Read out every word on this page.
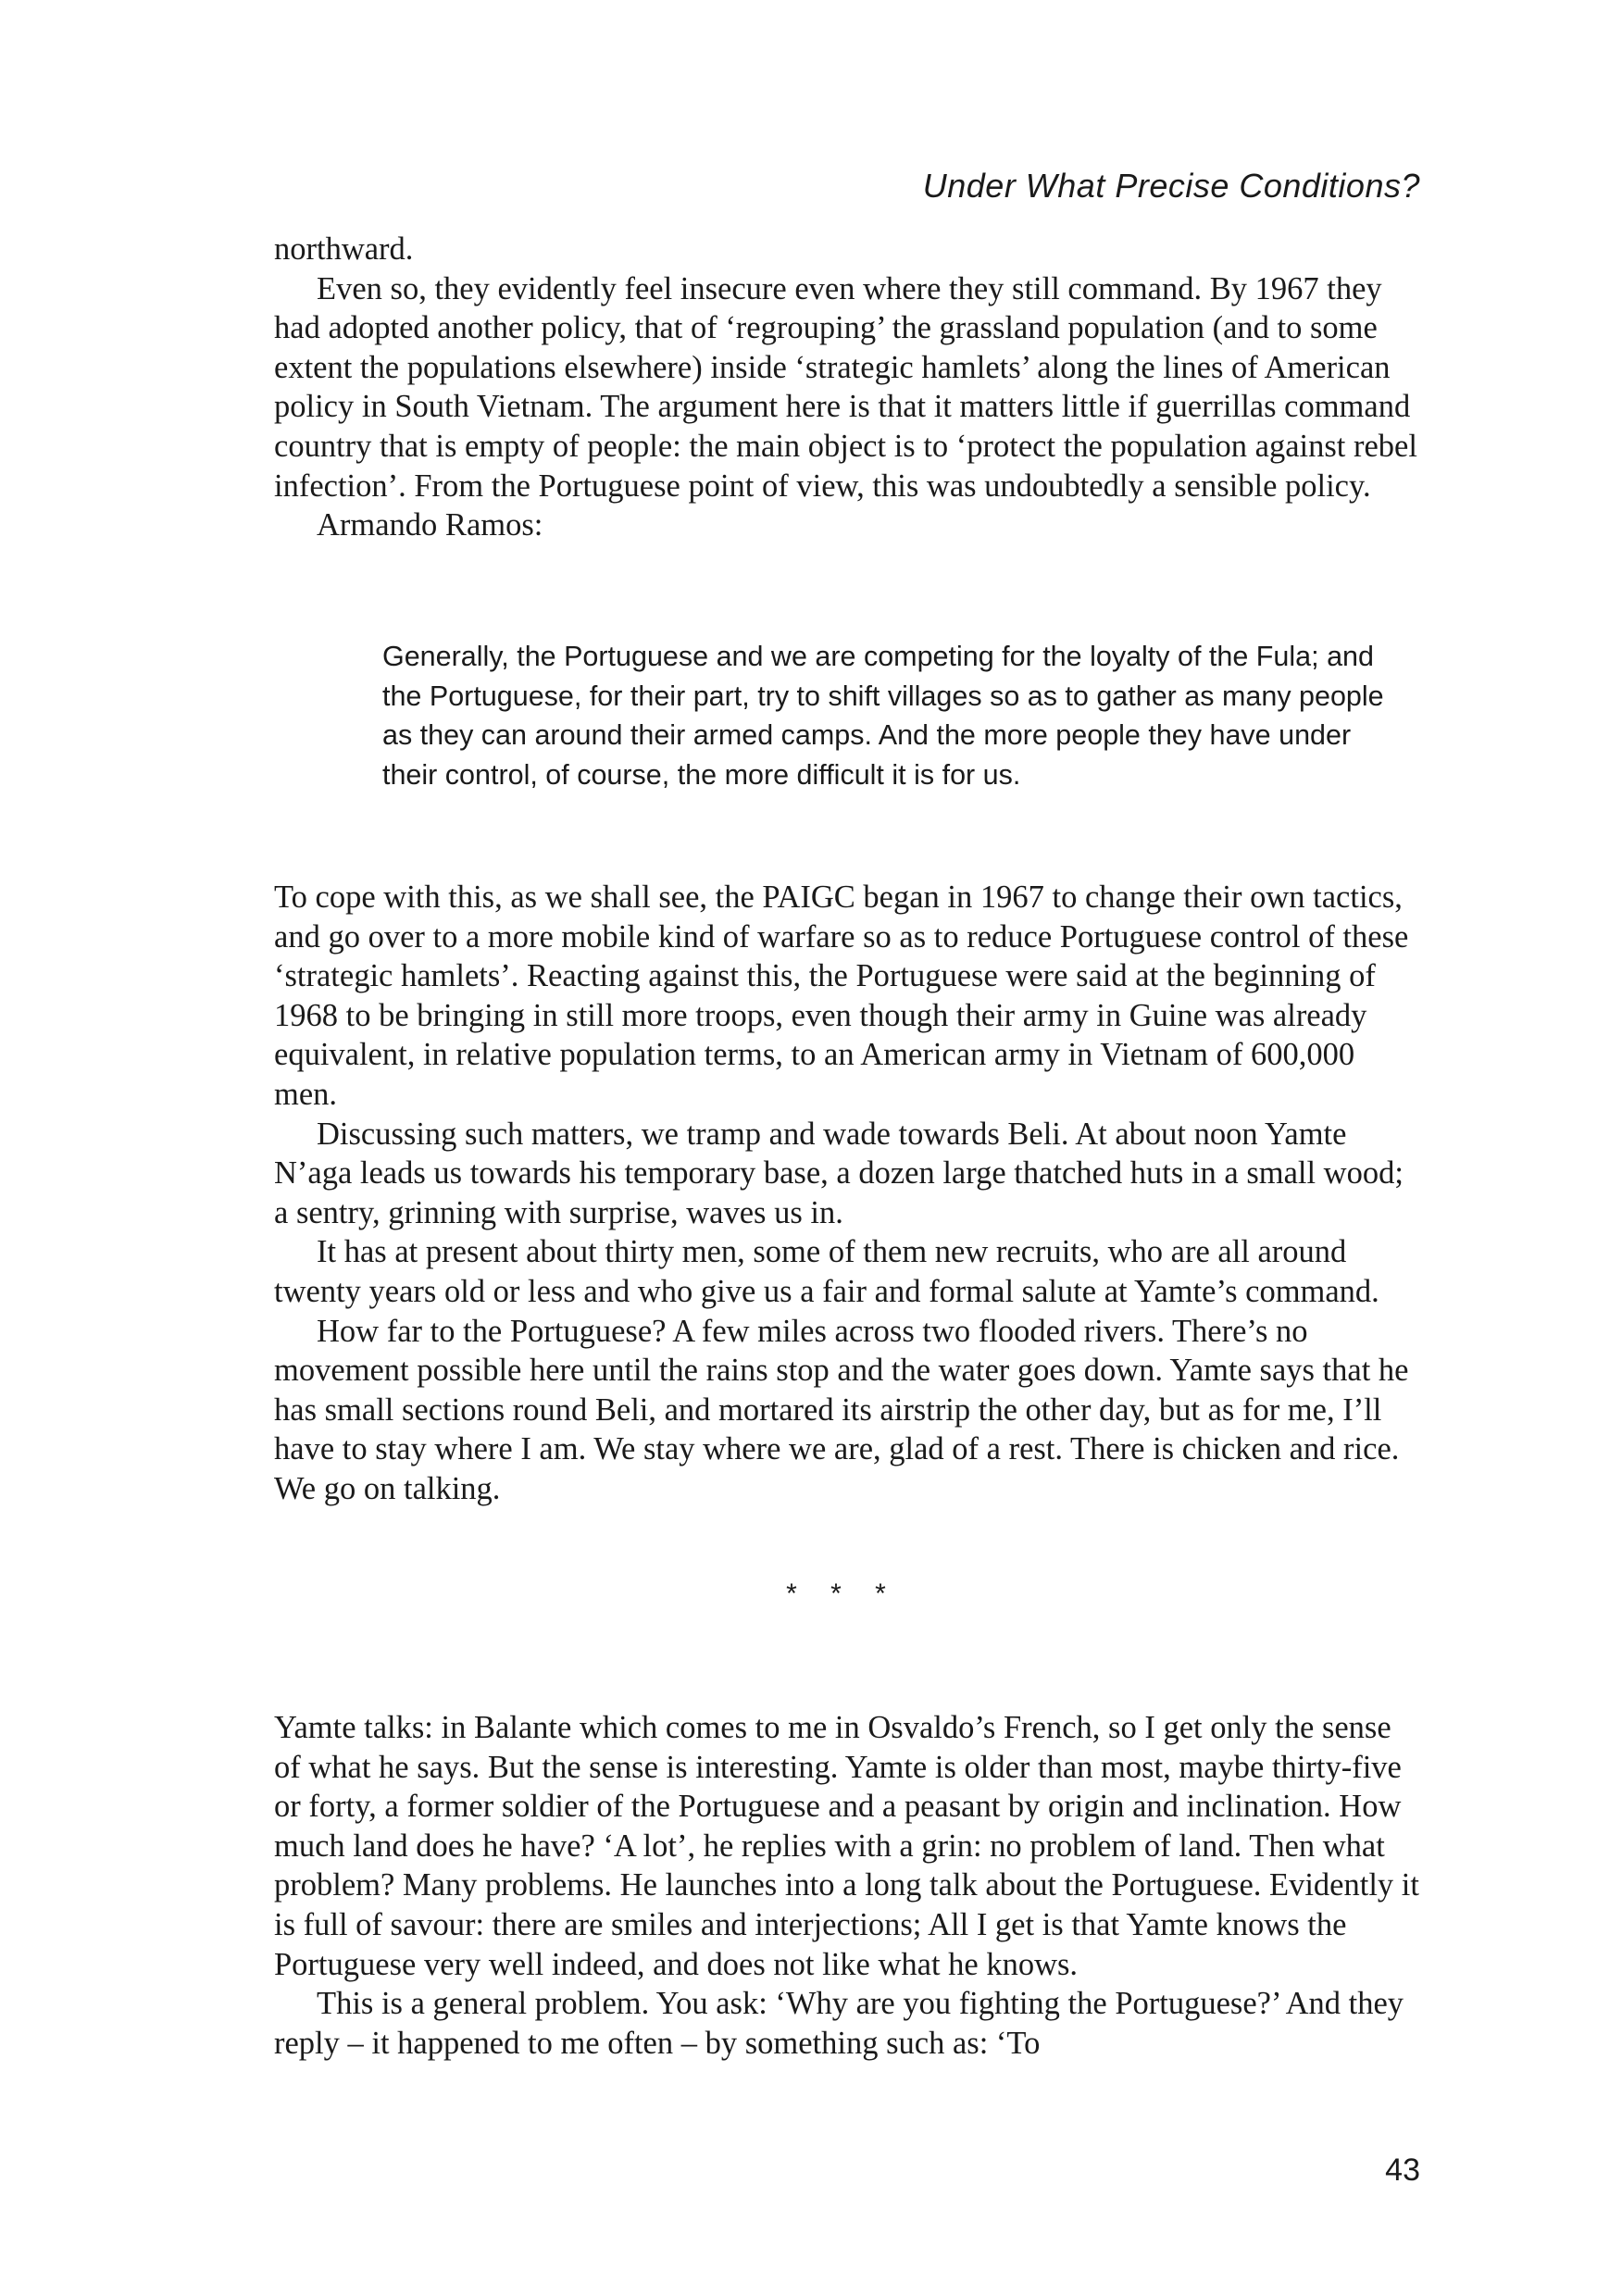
Under What Precise Conditions?

northward.

Even so, they evidently feel insecure even where they still command. By 1967 they had adopted another policy, that of ‘regrouping’ the grassland population (and to some extent the populations elsewhere) inside ‘strategic hamlets’ along the lines of American policy in South Vietnam. The argument here is that it matters little if guerrillas command country that is empty of people: the main object is to ‘protect the population against rebel infection’. From the Portuguese point of view, this was undoubtedly a sensible policy.

Armando Ramos:

Generally, the Portuguese and we are competing for the loyalty of the Fula; and the Portuguese, for their part, try to shift villages so as to gather as many people as they can around their armed camps. And the more people they have under their control, of course, the more difficult it is for us.

To cope with this, as we shall see, the PAIGC began in 1967 to change their own tactics, and go over to a more mobile kind of warfare so as to reduce Portuguese control of these ‘strategic hamlets’. Reacting against this, the Portuguese were said at the beginning of 1968 to be bringing in still more troops, even though their army in Guine was already equivalent, in relative population terms, to an American army in Vietnam of 600,000 men.

Discussing such matters, we tramp and wade towards Beli. At about noon Yamte N’aga leads us towards his temporary base, a dozen large thatched huts in a small wood; a sentry, grinning with surprise, waves us in.

It has at present about thirty men, some of them new recruits, who are all around twenty years old or less and who give us a fair and formal salute at Yamte’s command.

How far to the Portuguese? A few miles across two flooded rivers. There’s no movement possible here until the rains stop and the water goes down. Yamte says that he has small sections round Beli, and mortared its airstrip the other day, but as for me, I’ll have to stay where I am. We stay where we are, glad of a rest. There is chicken and rice. We go on talking.

* * *

Yamte talks: in Balante which comes to me in Osvaldo’s French, so I get only the sense of what he says. But the sense is interesting. Yamte is older than most, maybe thirty-five or forty, a former soldier of the Portuguese and a peasant by origin and inclination. How much land does he have? ‘A lot’, he replies with a grin: no problem of land. Then what problem? Many problems. He launches into a long talk about the Portuguese. Evidently it is full of savour: there are smiles and interjections; All I get is that Yamte knows the Portuguese very well indeed, and does not like what he knows.

This is a general problem. You ask: ‘Why are you fighting the Portuguese?’ And they reply – it happened to me often – by something such as: ‘To

43
